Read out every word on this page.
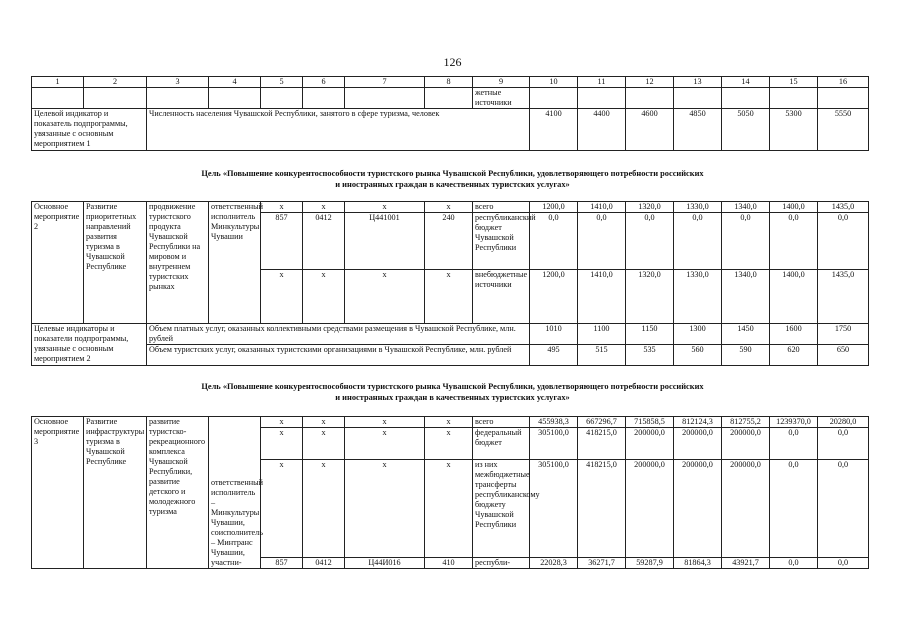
126
1	2	3	4	5	6	7	8	9	10	11	12	13	14	15	16
								жетные источники							
Целевой индикатор и показатель подпрограммы, увязанные с основным мероприятием 1		Численность населения Чувашской Республики, занятого в сфере туризма, человек							4100	4400	4600	4850	5050	5300	5550
Цель «Повышение конкурентоспособности туристского рынка Чувашской Республики, удовлетворяющего потребности российских
и иностранных граждан в качественных туристских услугах»
Основное мероприятие 2	Развитие приоритетных направлений развития туризма в Чувашской Республике	продвижение туристского продукта Чувашской Республики на мировом и внутреннем туристских рынках	ответственный исполнитель Минкультуры Чувашии	x	x	x	x	всего	1200,0	1410,0	1320,0	1330,0	1340,0	1400,0	1435,0
				857	0412	Ц441001	240	республиканский бюджет Чувашской Республики	0,0	0,0	0,0	0,0	0,0	0,0	0,0
				x	x	x	x	внебюджетные источники	1200,0	1410,0	1320,0	1330,0	1340,0	1400,0	1435,0
Целевые индикаторы и показатели подпрограммы, увязанные с основным мероприятием 2		Объем платных услуг, оказанных коллективными средствами размещения в Чувашской Республике, млн. рублей							1010	1100	1150	1300	1450	1600	1750
		Объем туристских услуг, оказанных туристскими организациями в Чувашской Республике, млн. рублей							495	515	535	560	590	620	650
Цель «Повышение конкурентоспособности туристского рынка Чувашской Республики, удовлетворяющего потребности российских
и иностранных граждан в качественных туристских услугах»
Основное мероприятие 3	Развитие инфраструктуры туризма в Чувашской Республике	развитие туристско-рекреационного комплекса Чувашской Республики, развитие детского и молодежного туризма	ответственный исполнитель – Минкультуры Чувашии, соисполнитель – Минтранс Чувашии, участни-	x	x	x	x	всего	455938,3	667296,7	715858,5	812124,3	812755,2	1239370,0	20280,0
				x	x	x	x	федеральный бюджет	305100,0	418215,0	200000,0	200000,0	200000,0	0,0	0,0
				x	x	x	x	из них межбюджетные трансферты республиканскому бюджету Чувашской Республики	305100,0	418215,0	200000,0	200000,0	200000,0	0,0	0,0
				857	0412	Ц44И016	410	республи-	22028,3	36271,7	59287,9	81864,3	43921,7	0,0	0,0
